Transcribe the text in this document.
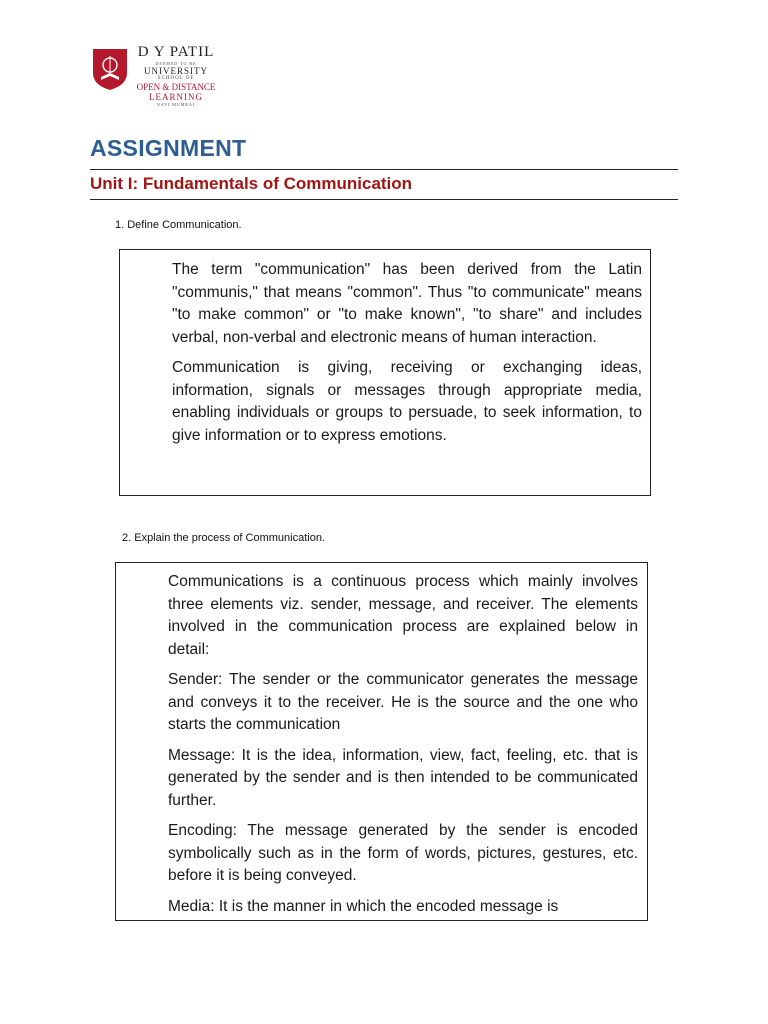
D Y PATIL
DEEMED TO BE
UNIVERSITY
SCHOOL OF
OPEN & DISTANCE
LEARNING
NAVI MUMBAI
ASSIGNMENT
Unit I: Fundamentals of Communication
1. Define Communication.

The term "communication" has been derived from the Latin "communis," that means "common". Thus "to communicate" means "to make common" or "to make known", "to share" and includes verbal, non-verbal and electronic means of human interaction.

Communication is giving, receiving or exchanging ideas, information, signals or messages through appropriate media, enabling individuals or groups to persuade, to seek information, to give information or to express emotions.

2. Explain the process of Communication.

Communications is a continuous process which mainly involves three elements viz. sender, message, and receiver. The elements involved in the communication process are explained below in detail:

Sender: The sender or the communicator generates the message and conveys it to the receiver. He is the source and the one who starts the communication

Message: It is the idea, information, view, fact, feeling, etc. that is generated by the sender and is then intended to be communicated further.

Encoding: The message generated by the sender is encoded symbolically such as in the form of words, pictures, gestures, etc. before it is being conveyed.

Media: It is the manner in which the encoded message is
